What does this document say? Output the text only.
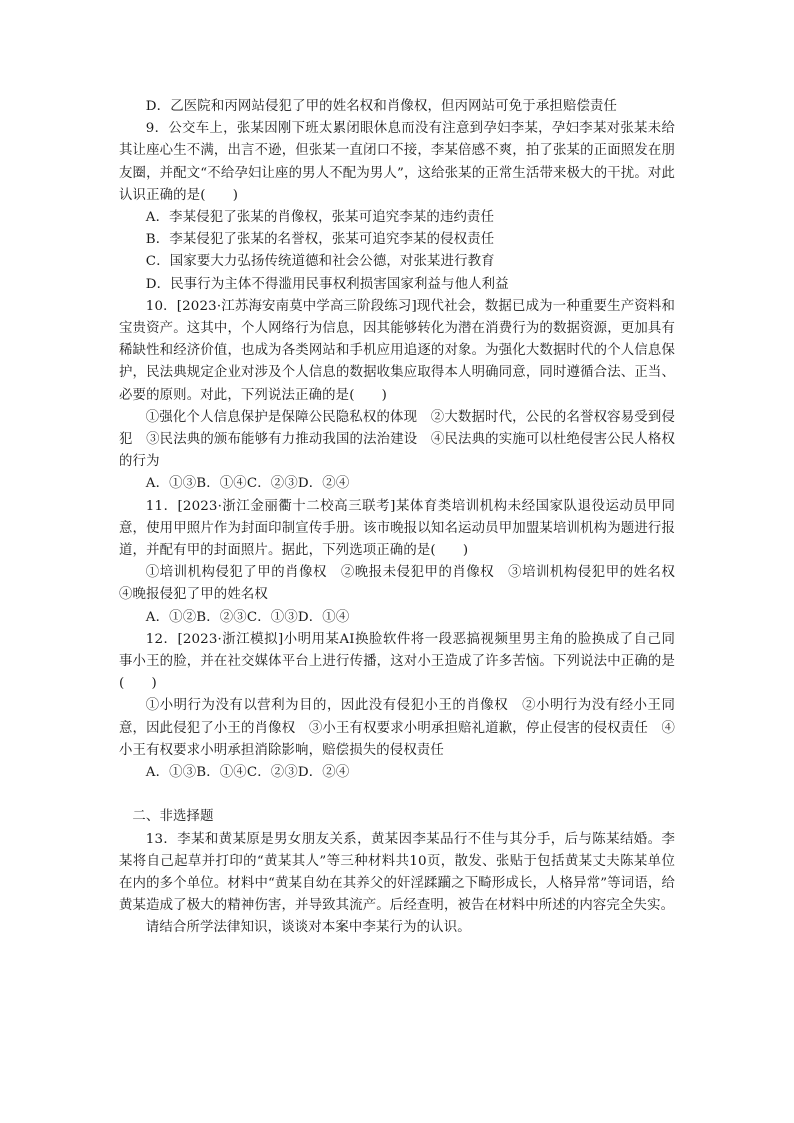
D．乙医院和丙网站侵犯了甲的姓名权和肖像权，但丙网站可免于承担赔偿责任

9．公交车上，张某因刚下班太累闭眼休息而没有注意到孕妇李某，孕妇李某对张某未给其让座心生不满，出言不逊，但张某一直闭口不接，李某倍感不爽，拍了张某的正面照发在朋友圈，并配文“不给孕妇让座的男人不配为男人”，这给张某的正常生活带来极大的干扰。对此认识正确的是(　　)

A．李某侵犯了张某的肖像权，张某可追究李某的违约责任

B．李某侵犯了张某的名誉权，张某可追究李某的侵权责任

C．国家要大力弘扬传统道德和社会公德，对张某进行教育

D．民事行为主体不得滥用民事权利损害国家利益与他人利益

10．[2023·江苏海安南莫中学高三阶段练习]现代社会，数据已成为一种重要生产资料和宝贵资产。这其中，个人网络行为信息，因其能够转化为潜在消费行为的数据资源，更加具有稀缺性和经济价值，也成为各类网站和手机应用追逐的对象。为强化大数据时代的个人信息保护，民法典规定企业对涉及个人信息的数据收集应取得本人明确同意，同时遵循合法、正当、必要的原则。对此，下列说法正确的是(　　)

①强化个人信息保护是保障公民隐私权的体现　②大数据时代，公民的名誉权容易受到侵犯　③民法典的颁布能够有力推动我国的法治建设　④民法典的实施可以杜绝侵害公民人格权的行为

A．①③B．①④C．②③D．②④

11．[2023·浙江金丽衢十二校高三联考]某体育类培训机构未经国家队退役运动员甲同意，使用甲照片作为封面印制宣传手册。该市晚报以知名运动员甲加盟某培训机构为题进行报道，并配有甲的封面照片。据此，下列选项正确的是(　　)

①培训机构侵犯了甲的肖像权　②晚报未侵犯甲的肖像权　③培训机构侵犯甲的姓名权　④晚报侵犯了甲的姓名权

A．①②B．②③C．①③D．①④

12．[2023·浙江模拟]小明用某AI换脸软件将一段恶搞视频里男主角的脸换成了自己同事小王的脸，并在社交媒体平台上进行传播，这对小王造成了许多苦恼。下列说法中正确的是(　　)

①小明行为没有以营利为目的，因此没有侵犯小王的肖像权　②小明行为没有经小王同意，因此侵犯了小王的肖像权　③小王有权要求小明承担赔礼道歉，停止侵害的侵权责任　④小王有权要求小明承担消除影响，赔偿损失的侵权责任

A．①③B．①④C．②③D．②④

二、非选择题

13．李某和黄某原是男女朋友关系，黄某因李某品行不佳与其分手，后与陈某结婚。李某将自己起草并打印的“黄某其人”等三种材料共10页，散发、张贴于包括黄某丈夫陈某单位在内的多个单位。材料中“黄某自幼在其养父的奸淫蹂躏之下畸形成长，人格异常”等词语，给黄某造成了极大的精神伤害，并导致其流产。后经查明，被告在材料中所述的内容完全失实。

请结合所学法律知识，谈谈对本案中李某行为的认识。
